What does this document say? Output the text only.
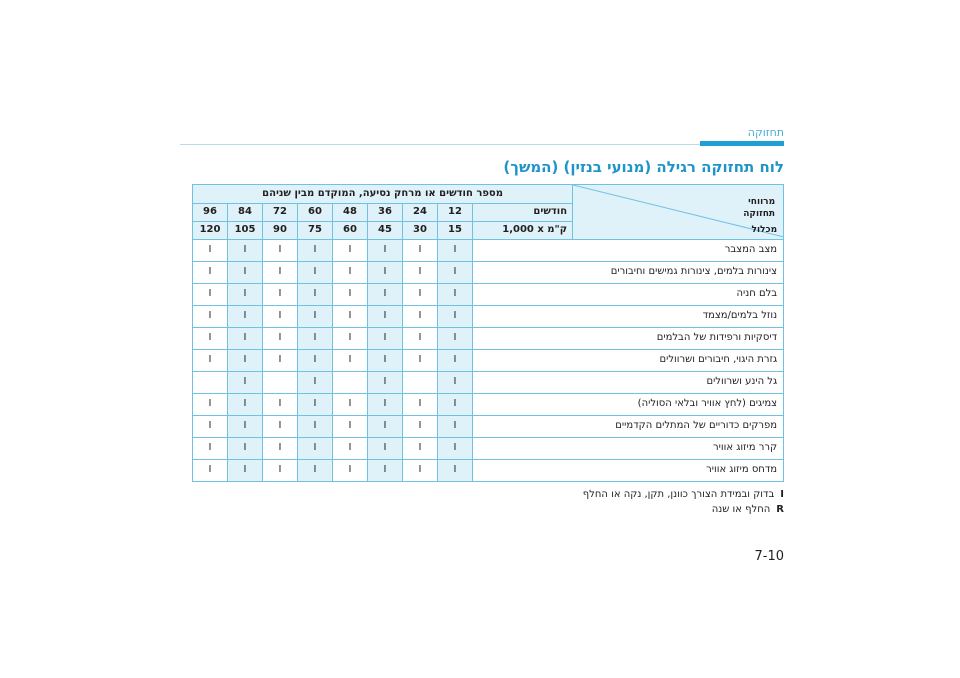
תחזוקה
לוח תחזוקה רגילה (מנועי בנזין) (המשך)
מספר חודשים או מרחק נסיעה, המוקדם מבין שניהם									מרווחי
תחזוקה
מכלול

96	84	72	60	48	36	24	12	חודשים	
120	105	90	75	60	45	30	15	1,000 x ק"מ	
I	I	I	I	I	I	I	I	מצב המצבר	
I	I	I	I	I	I	I	I	צינורות בלמים, צינורות גמישים וחיבורים	
I	I	I	I	I	I	I	I	בלם חניה	
I	I	I	I	I	I	I	I	נוזל בלמים/מצמד	
I	I	I	I	I	I	I	I	דיסקיות ורפידות של הבלמים	
I	I	I	I	I	I	I	I	גזרת היגוי, חיבורים ושרוולים	
	I		I		I		I	גל הינע ושרוולים	
I	I	I	I	I	I	I	I	צמיגים (לחץ אוויר ובלאי הסוליה)	
I	I	I	I	I	I	I	I	מפרקים כדוריים של המתלים הקדמיים	
I	I	I	I	I	I	I	I	קרר מיזוג אוויר	
I	I	I	I	I	I	I	I	מדחס מיזוג אוויר	
Iבדוק ובמידת הצורך כוונן, תקן, נקה או החלף
Rהחלף או שנה
7-10
